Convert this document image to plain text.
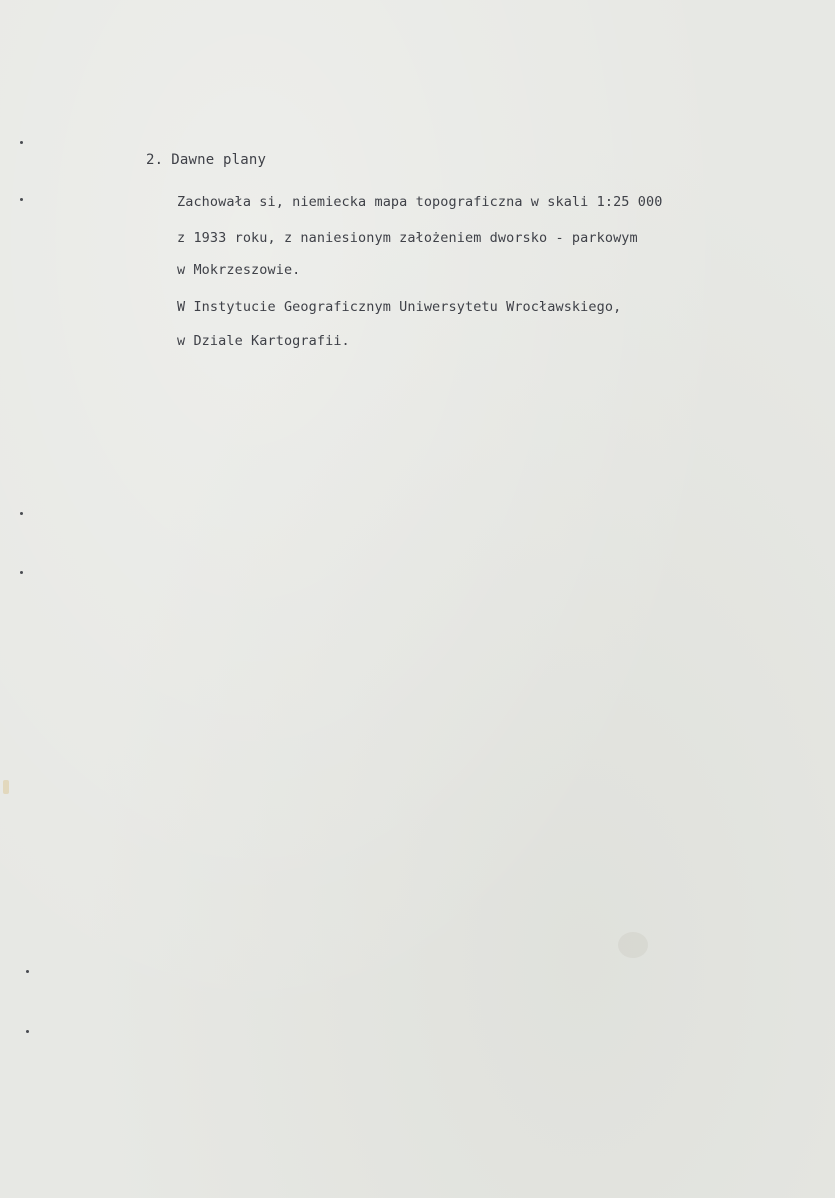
2. Dawne plany
Zachowała si, niemiecka mapa topograficzna w skali 1:25 000
z 1933 roku, z naniesionym założeniem dworsko - parkowym
w Mokrzeszowie.
W Instytucie Geograficznym Uniwersytetu Wrocławskiego,
w Dziale Kartografii.
